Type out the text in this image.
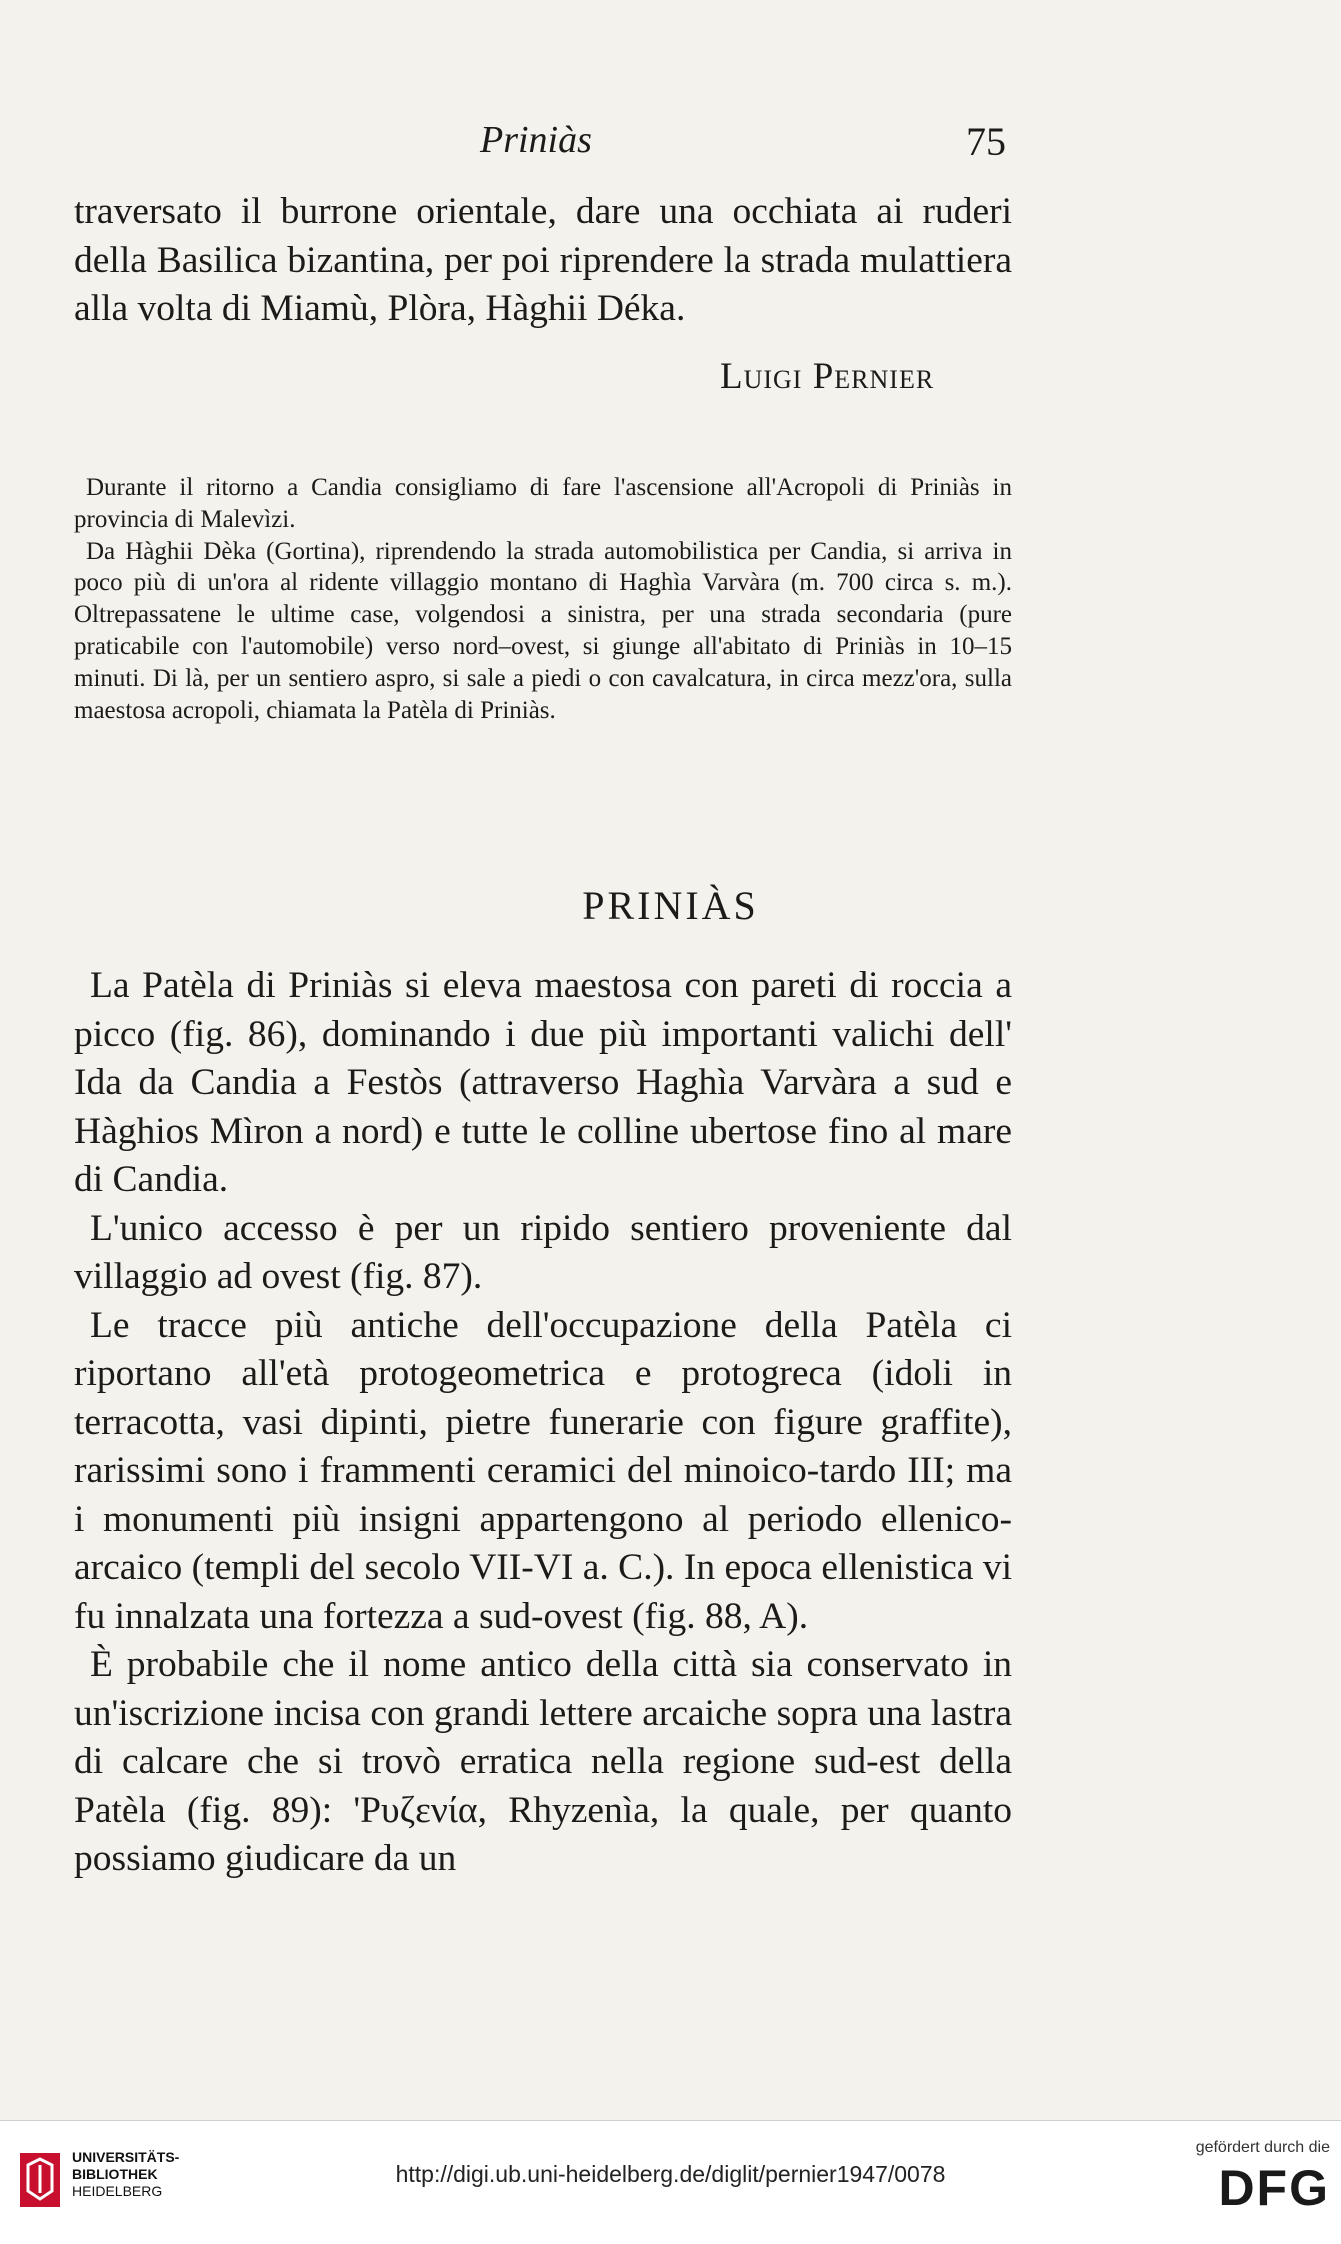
Priniàs	75

traversato il burrone orientale, dare una occhiata ai ruderi della Basilica bizantina, per poi riprendere la strada mulattiera alla volta di Miamù, Plòra, Hàghii Déka.

Luigi Pernier

Durante il ritorno a Candia consigliamo di fare l'ascensione all'Acropoli di Priniàs in provincia di Malevìzi.

Da Hàghii Dèka (Gortina), riprendendo la strada automobilistica per Candia, si arriva in poco più di un'ora al ridente villaggio montano di Haghìa Varvàra (m. 700 circa s. m.). Oltrepassatene le ultime case, volgendosi a sinistra, per una strada secondaria (pure praticabile con l'automobile) verso nord–ovest, si giunge all'abitato di Priniàs in 10–15 minuti. Di là, per un sentiero aspro, si sale a piedi o con cavalcatura, in circa mezz'ora, sulla maestosa acropoli, chiamata la Patèla di Priniàs.

PRINIÀS

La Patèla di Priniàs si eleva maestosa con pareti di roccia a picco (fig. 86), dominando i due più importanti valichi dell' Ida da Candia a Festòs (attraverso Haghìa Varvàra a sud e Hàghios Mìron a nord) e tutte le colline ubertose fino al mare di Candia.

L'unico accesso è per un ripido sentiero proveniente dal villaggio ad ovest (fig. 87).

Le tracce più antiche dell'occupazione della Patèla ci riportano all'età protogeometrica e protogreca (idoli in terracotta, vasi dipinti, pietre funerarie con figure graffite), rarissimi sono i frammenti ceramici del minoico-tardo III; ma i monumenti più insigni appartengono al periodo ellenico-arcaico (templi del secolo VII-VI a. C.). In epoca ellenistica vi fu innalzata una fortezza a sud-ovest (fig. 88, A).

È probabile che il nome antico della città sia conservato in un'iscrizione incisa con grandi lettere arcaiche sopra una lastra di calcare che si trovò erratica nella regione sud-est della Patèla (fig. 89): 'Ρυζενία, Rhyzenìa, la quale, per quanto possiamo giudicare da un

UNIVERSITÄTS-
BIBLIOTHEK
HEIDELBERG
http://digi.ub.uni-heidelberg.de/diglit/pernier1947/0078
gefördert durch die
DFG
